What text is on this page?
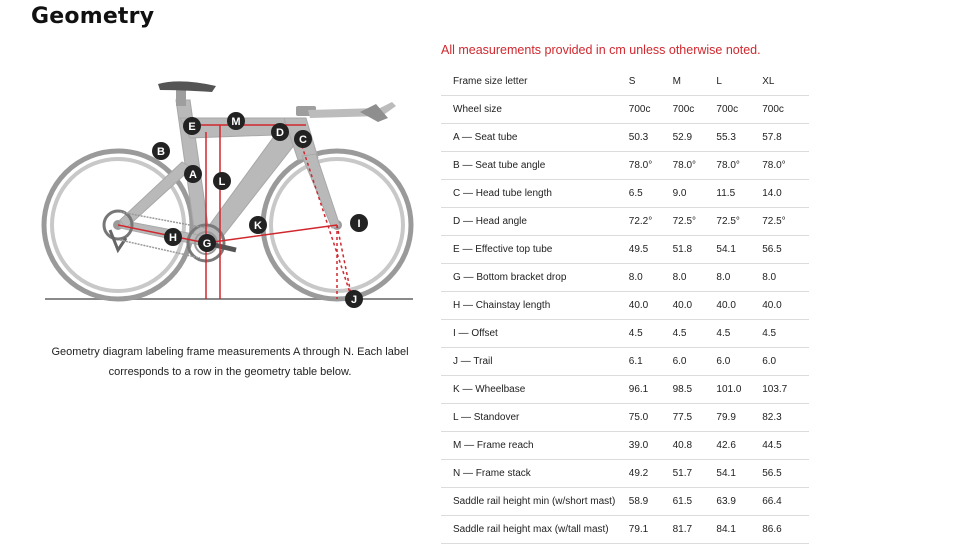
Geometry
E	M
D
C
B
A
L
K	I
H G
J
Geometry diagram labeling frame measurements A through N. Each label corresponds to a row in the geometry table below.

All measurements provided in cm unless otherwise noted.

Frame size letter	S	M	L	XL
Wheel size	700c	700c	700c	700c
A — Seat tube	50.3	52.9	55.3	57.8
B — Seat tube angle	78.0°	78.0°	78.0°	78.0°
C — Head tube length	6.5	9.0	11.5	14.0
D — Head angle	72.2°	72.5°	72.5°	72.5°
E — Effective top tube	49.5	51.8	54.1	56.5
G — Bottom bracket drop	8.0	8.0	8.0	8.0
H — Chainstay length	40.0	40.0	40.0	40.0
I — Offset	4.5	4.5	4.5	4.5
J — Trail	6.1	6.0	6.0	6.0
K — Wheelbase	96.1	98.5	101.0	103.7
L — Standover	75.0	77.5	79.9	82.3
M — Frame reach	39.0	40.8	42.6	44.5
N — Frame stack	49.2	51.7	54.1	56.5
Saddle rail height min (w/short mast)	58.9	61.5	63.9	66.4
Saddle rail height max (w/tall mast)	79.1	81.7	84.1	86.6
